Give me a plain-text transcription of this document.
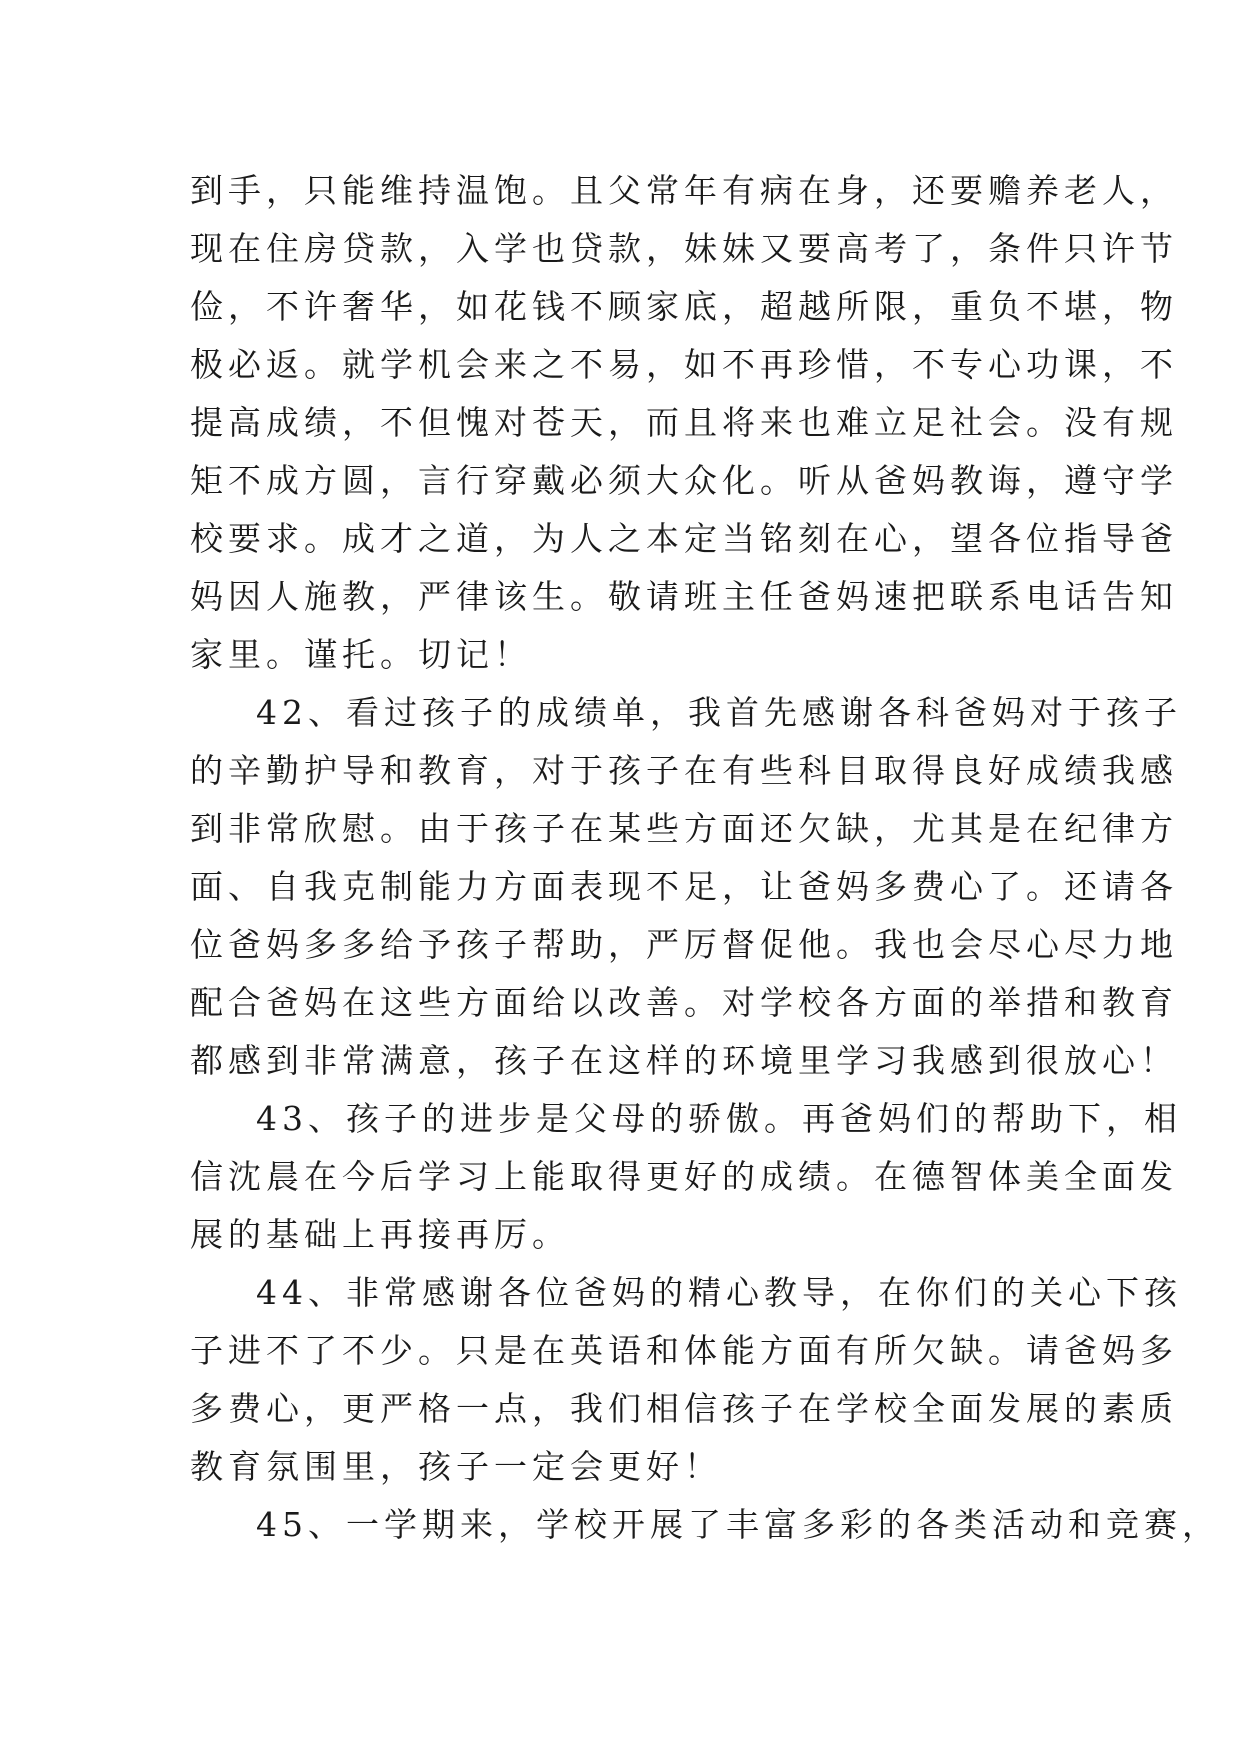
到手，只能维持温饱。且父常年有病在身，还要赡养老人，
现在住房贷款，入学也贷款，妹妹又要高考了，条件只许节
俭，不许奢华，如花钱不顾家底，超越所限，重负不堪，物
极必返。就学机会来之不易，如不再珍惜，不专心功课，不
提高成绩，不但愧对苍天，而且将来也难立足社会。没有规
矩不成方圆，言行穿戴必须大众化。听从爸妈教诲，遵守学
校要求。成才之道，为人之本定当铭刻在心，望各位指导爸
妈因人施教，严律该生。敬请班主任爸妈速把联系电话告知
家里。谨托。切记！
42、看过孩子的成绩单，我首先感谢各科爸妈对于孩子
的辛勤护导和教育，对于孩子在有些科目取得良好成绩我感
到非常欣慰。由于孩子在某些方面还欠缺，尤其是在纪律方
面、自我克制能力方面表现不足，让爸妈多费心了。还请各
位爸妈多多给予孩子帮助，严厉督促他。我也会尽心尽力地
配合爸妈在这些方面给以改善。对学校各方面的举措和教育
都感到非常满意，孩子在这样的环境里学习我感到很放心！
43、孩子的进步是父母的骄傲。再爸妈们的帮助下，相
信沈晨在今后学习上能取得更好的成绩。在德智体美全面发
展的基础上再接再厉。
44、非常感谢各位爸妈的精心教导，在你们的关心下孩
子进不了不少。只是在英语和体能方面有所欠缺。请爸妈多
多费心，更严格一点，我们相信孩子在学校全面发展的素质
教育氛围里，孩子一定会更好！
45、一学期来，学校开展了丰富多彩的各类活动和竞赛，
